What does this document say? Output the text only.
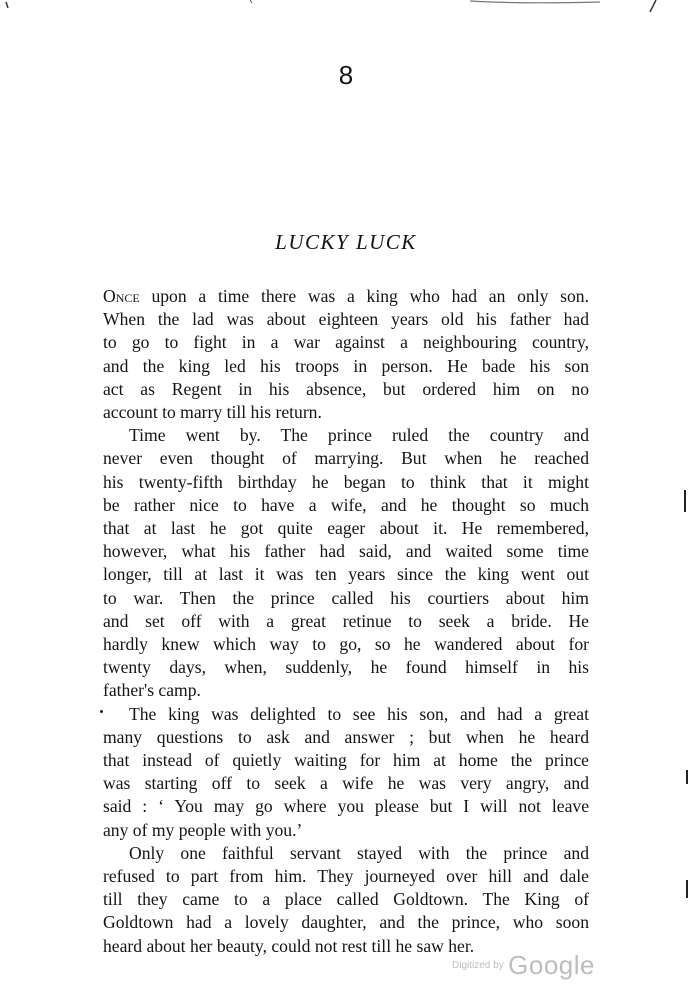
8
LUCKY LUCK
Once upon a time there was a king who had an only son.
When the lad was about eighteen years old his father had
to go to fight in a war against a neighbouring country,
and the king led his troops in person. He bade his son
act as Regent in his absence, but ordered him on no
account to marry till his return.
Time went by. The prince ruled the country and
never even thought of marrying. But when he reached
his twenty-fifth birthday he began to think that it might
be rather nice to have a wife, and he thought so much
that at last he got quite eager about it. He remembered,
however, what his father had said, and waited some time
longer, till at last it was ten years since the king went out
to war. Then the prince called his courtiers about him
and set off with a great retinue to seek a bride. He
hardly knew which way to go, so he wandered about for
twenty days, when, suddenly, he found himself in his
father's camp.
The king was delighted to see his son, and had a great
many questions to ask and answer ; but when he heard
that instead of quietly waiting for him at home the prince
was starting off to seek a wife he was very angry, and
said : ‘ You may go where you please but I will not leave
any of my people with you.’
Only one faithful servant stayed with the prince and
refused to part from him. They journeyed over hill and dale
till they came to a place called Goldtown. The King of
Goldtown had a lovely daughter, and the prince, who soon
heard about her beauty, could not rest till he saw her.
Digitized by Google
